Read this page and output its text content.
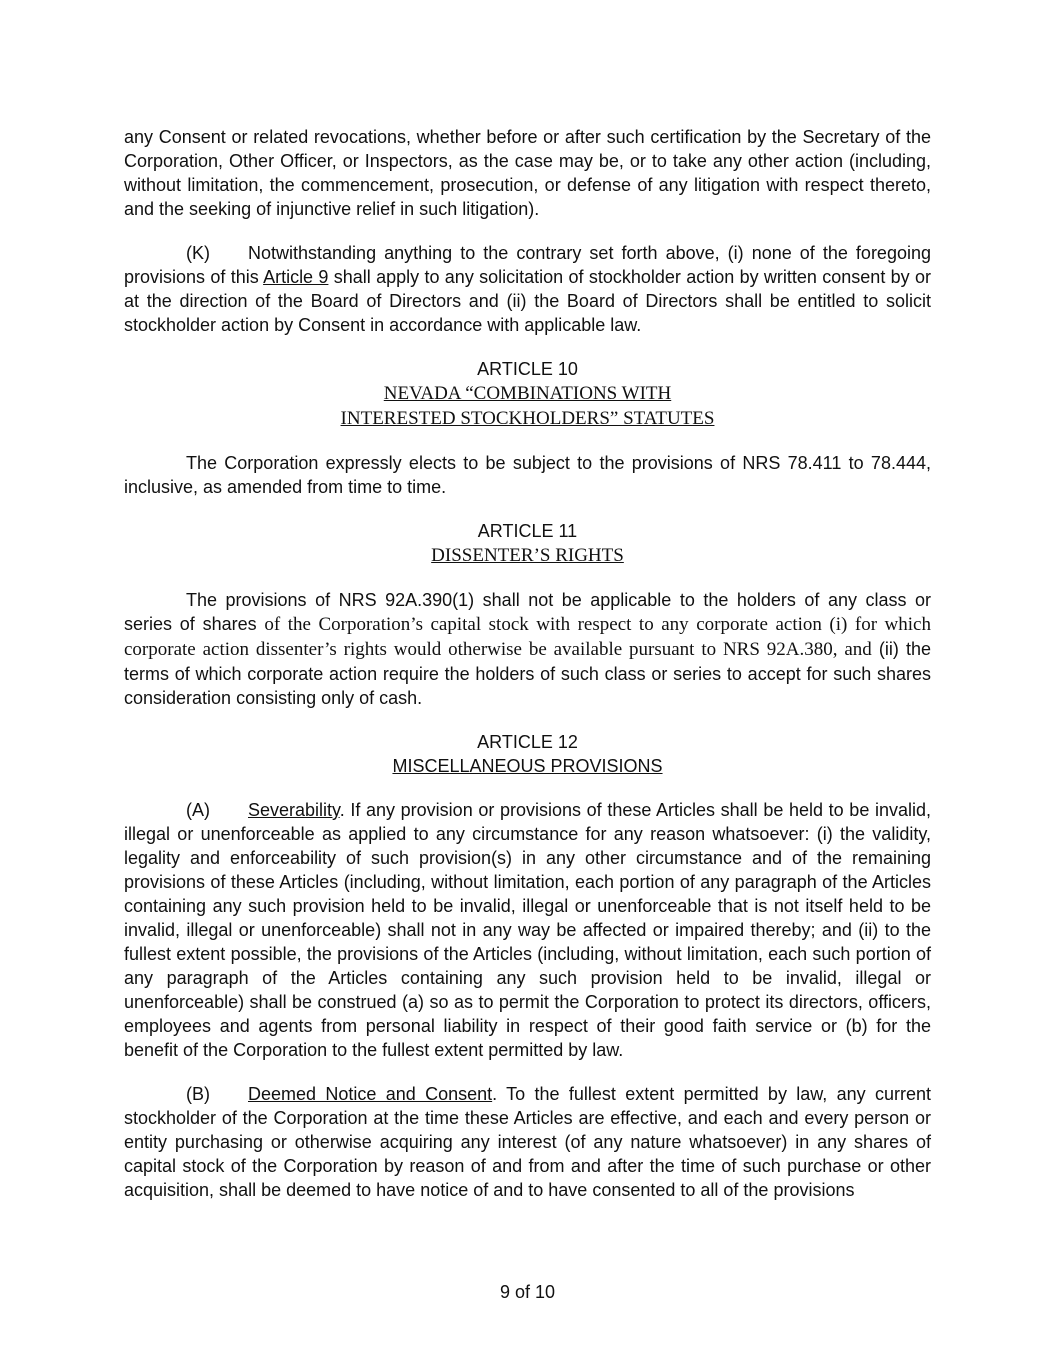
any Consent or related revocations, whether before or after such certification by the Secretary of the Corporation, Other Officer, or Inspectors, as the case may be, or to take any other action (including, without limitation, the commencement, prosecution, or defense of any litigation with respect thereto, and the seeking of injunctive relief in such litigation).

(K) Notwithstanding anything to the contrary set forth above, (i) none of the foregoing provisions of this Article 9 shall apply to any solicitation of stockholder action by written consent by or at the direction of the Board of Directors and (ii) the Board of Directors shall be entitled to solicit stockholder action by Consent in accordance with applicable law.

ARTICLE 10
NEVADA “COMBINATIONS WITH
INTERESTED STOCKHOLDERS” STATUTES

The Corporation expressly elects to be subject to the provisions of NRS 78.411 to 78.444, inclusive, as amended from time to time.

ARTICLE 11
DISSENTER’S RIGHTS

The provisions of NRS 92A.390(1) shall not be applicable to the holders of any class or series of shares of the Corporation’s capital stock with respect to any corporate action (i) for which corporate action dissenter’s rights would otherwise be available pursuant to NRS 92A.380, and (ii) the terms of which corporate action require the holders of such class or series to accept for such shares consideration consisting only of cash.

ARTICLE 12
MISCELLANEOUS PROVISIONS

(A) Severability. If any provision or provisions of these Articles shall be held to be invalid, illegal or unenforceable as applied to any circumstance for any reason whatsoever: (i) the validity, legality and enforceability of such provision(s) in any other circumstance and of the remaining provisions of these Articles (including, without limitation, each portion of any paragraph of the Articles containing any such provision held to be invalid, illegal or unenforceable that is not itself held to be invalid, illegal or unenforceable) shall not in any way be affected or impaired thereby; and (ii) to the fullest extent possible, the provisions of the Articles (including, without limitation, each such portion of any paragraph of the Articles containing any such provision held to be invalid, illegal or unenforceable) shall be construed (a) so as to permit the Corporation to protect its directors, officers, employees and agents from personal liability in respect of their good faith service or (b) for the benefit of the Corporation to the fullest extent permitted by law.

(B) Deemed Notice and Consent. To the fullest extent permitted by law, any current stockholder of the Corporation at the time these Articles are effective, and each and every person or entity purchasing or otherwise acquiring any interest (of any nature whatsoever) in any shares of capital stock of the Corporation by reason of and from and after the time of such purchase or other acquisition, shall be deemed to have notice of and to have consented to all of the provisions

9 of 10
